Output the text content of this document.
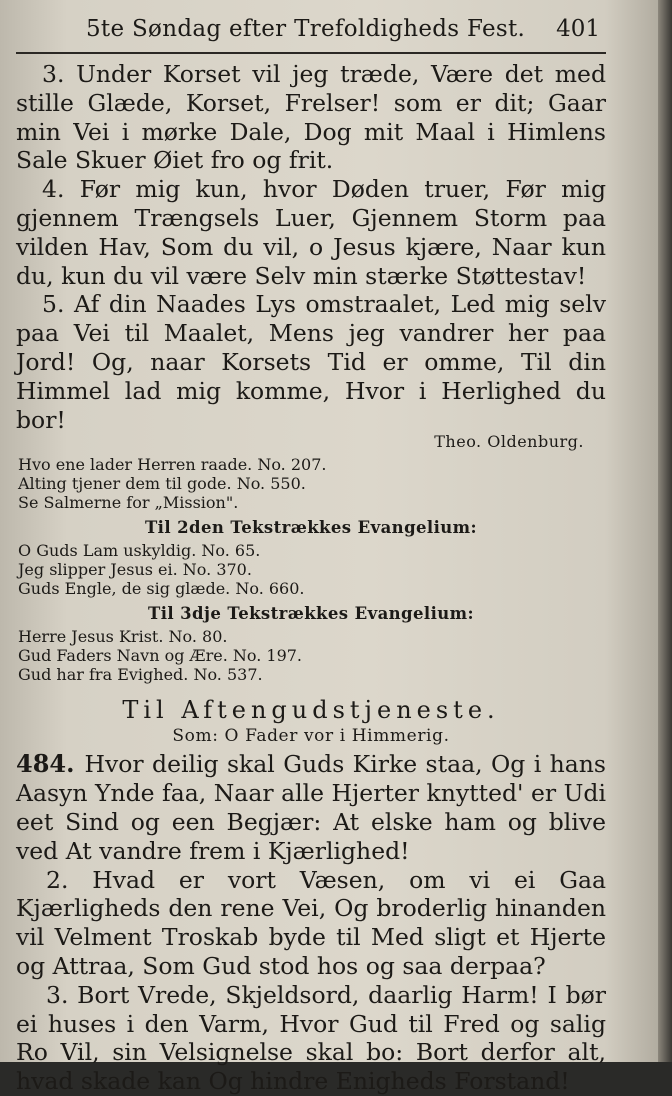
5te Søndag efter Trefoldigheds Fest. 401

3. Under Korset vil jeg træde, Være det med stille Glæde, Korset, Frelser! som er dit; Gaar min Vei i mørke Dale, Dog mit Maal i Himlens Sale Skuer Øiet fro og frit.

4. Før mig kun, hvor Døden truer, Før mig gjennem Trængsels Luer, Gjennem Storm paa vilden Hav, Som du vil, o Jesus kjære, Naar kun du, kun du vil være Selv min stærke Støttestav!

5. Af din Naades Lys omstraalet, Led mig selv paa Vei til Maalet, Mens jeg vandrer her paa Jord! Og, naar Korsets Tid er omme, Til din Himmel lad mig komme, Hvor i Herlighed du bor!

Theo. Oldenburg.
Hvo ene lader Herren raade. No. 207.
Alting tjener dem til gode. No. 550.
Se Salmerne for „Mission".
Til 2den Tekstrækkes Evangelium:
O Guds Lam uskyldig. No. 65.
Jeg slipper Jesus ei. No. 370.
Guds Engle, de sig glæde. No. 660.
Til 3dje Tekstrækkes Evangelium:
Herre Jesus Krist. No. 80.
Gud Faders Navn og Ære. No. 197.
Gud har fra Evighed. No. 537.
Til Aftengudstjeneste.
Som: O Fader vor i Himmerig.

484. Hvor deilig skal Guds Kirke staa, Og i hans Aasyn Ynde faa, Naar alle Hjerter knytted' er Udi eet Sind og een Begjær: At elske ham og blive ved At vandre frem i Kjærlighed!

2. Hvad er vort Væsen, om vi ei Gaa Kjærligheds den rene Vei, Og broderlig hinanden vil Velment Troskab byde til Med sligt et Hjerte og Attraa, Som Gud stod hos og saa derpaa?

3. Bort Vrede, Skjeldsord, daarlig Harm! I bør ei huses i den Varm, Hvor Gud til Fred og salig Ro Vil, sin Velsignelse skal bo: Bort derfor alt, hvad skade kan Og hindre Enigheds Forstand!
